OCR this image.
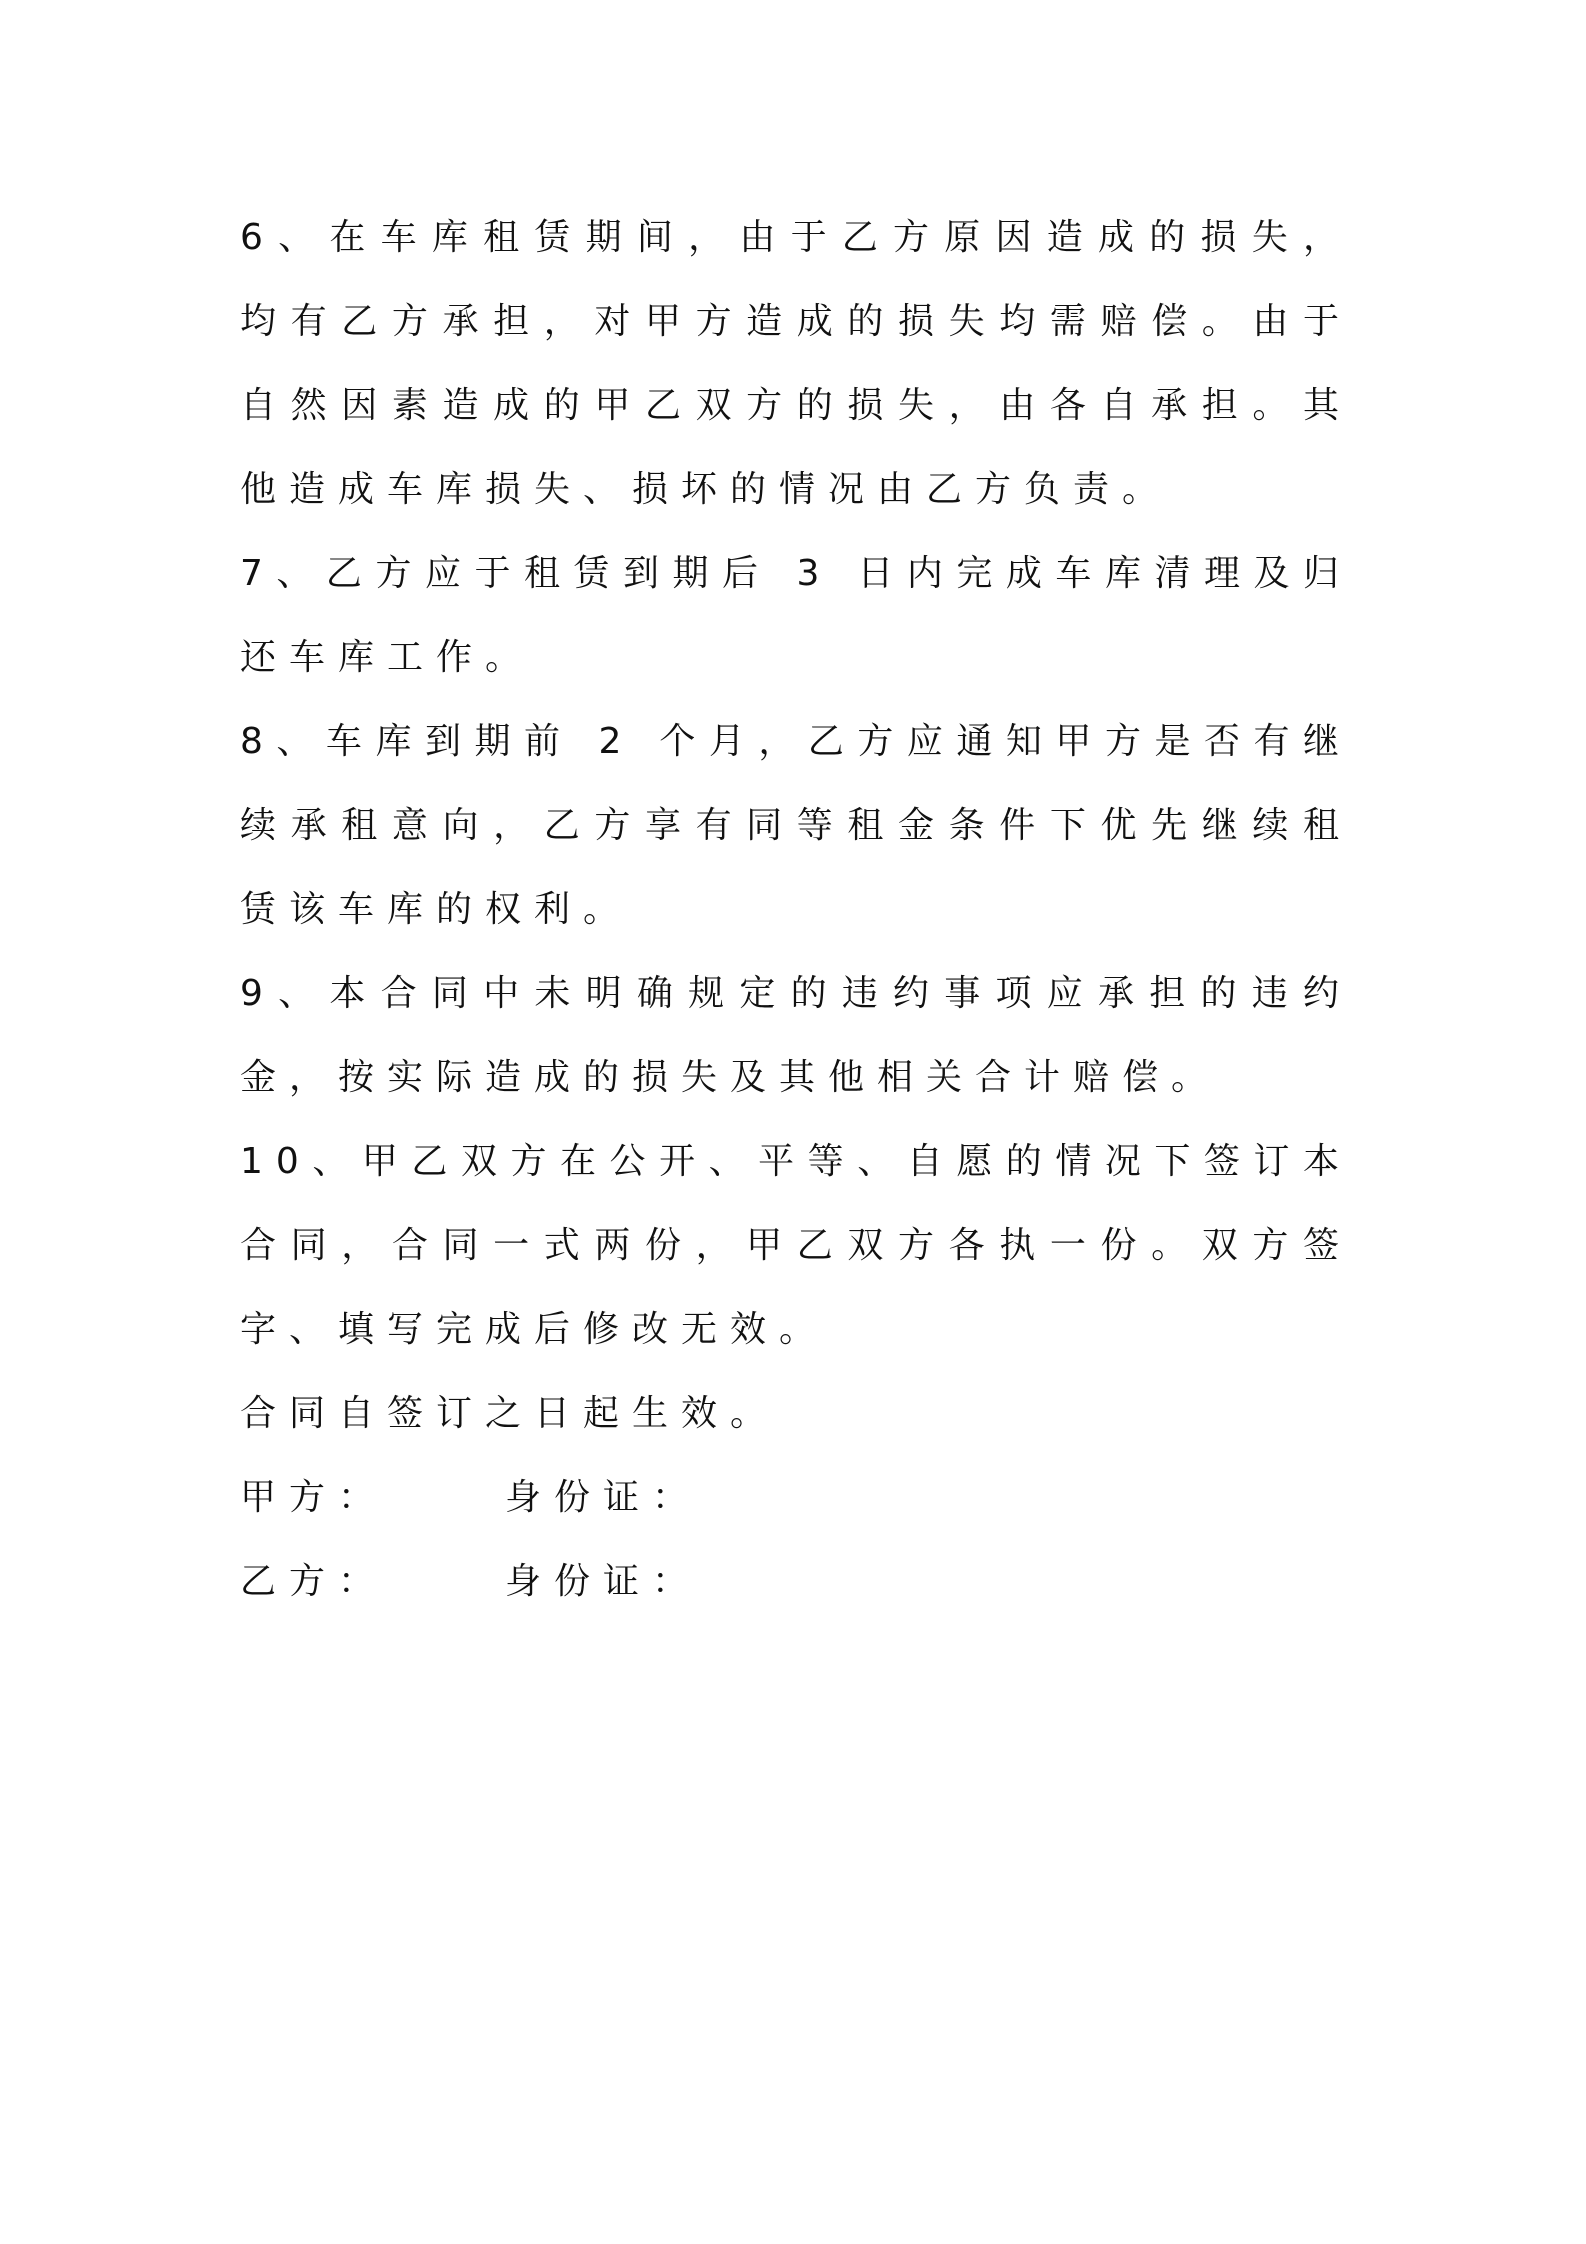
6、在车库租赁期间，由于乙方原因造成的损失，均有乙方承担，对甲方造成的损失均需赔偿。由于自然因素造成的甲乙双方的损失，由各自承担。其他造成车库损失、损坏的情况由乙方负责。

7、乙方应于租赁到期后 3 日内完成车库清理及归还车库工作。

8、车库到期前 2 个月，乙方应通知甲方是否有继续承租意向，乙方享有同等租金条件下优先继续租赁该车库的权利。

9、本合同中未明确规定的违约事项应承担的违约金，按实际造成的损失及其他相关合计赔偿。

10、甲乙双方在公开、平等、自愿的情况下签订本合同，合同一式两份，甲乙双方各执一份。双方签字、填写完成后修改无效。

合同自签订之日起生效。

甲方：	身份证：
乙方：	身份证：
